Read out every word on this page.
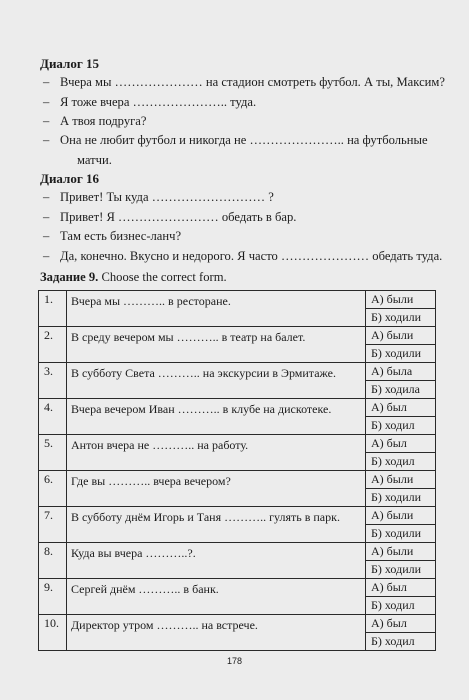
Диалог 15
– Вчера мы ………………… на стадион смотреть футбол. А ты, Максим?
– Я тоже вчера ………………….. туда.
– А твоя подруга?
– Она не любит футбол и никогда не ………………….. на футбольные
матчи.
Диалог 16
– Привет! Ты куда ……………………… ?
– Привет! Я …………………… обедать в бар.
– Там есть бизнес-ланч?
– Да, конечно. Вкусно и недорого. Я часто ………………… обедать туда.
Задание 9. Choose the correct form.
1.	Вчера мы ……….. в ресторане.	А) были
		Б) ходили
2.	В среду вечером мы ……….. в театр на балет.	А) были
		Б) ходили
3.	В субботу Света ……….. на экскурсии в Эрмитаже.	А) была
		Б) ходила
4.	Вчера вечером Иван ……….. в клубе на дискотеке.	А) был
		Б) ходил
5.	Антон вчера не ……….. на работу.	А) был
		Б) ходил
6.	Где вы ……….. вчера вечером?	А) были
		Б) ходили
7.	В субботу днём Игорь и Таня ……….. гулять в парк.	А) были
		Б) ходили
8.	Куда вы вчера ………..?.	А) были
		Б) ходили
9.	Сергей днём ……….. в банк.	А) был
		Б) ходил
10.	Директор утром ……….. на встрече.	А) был
		Б) ходил
178
